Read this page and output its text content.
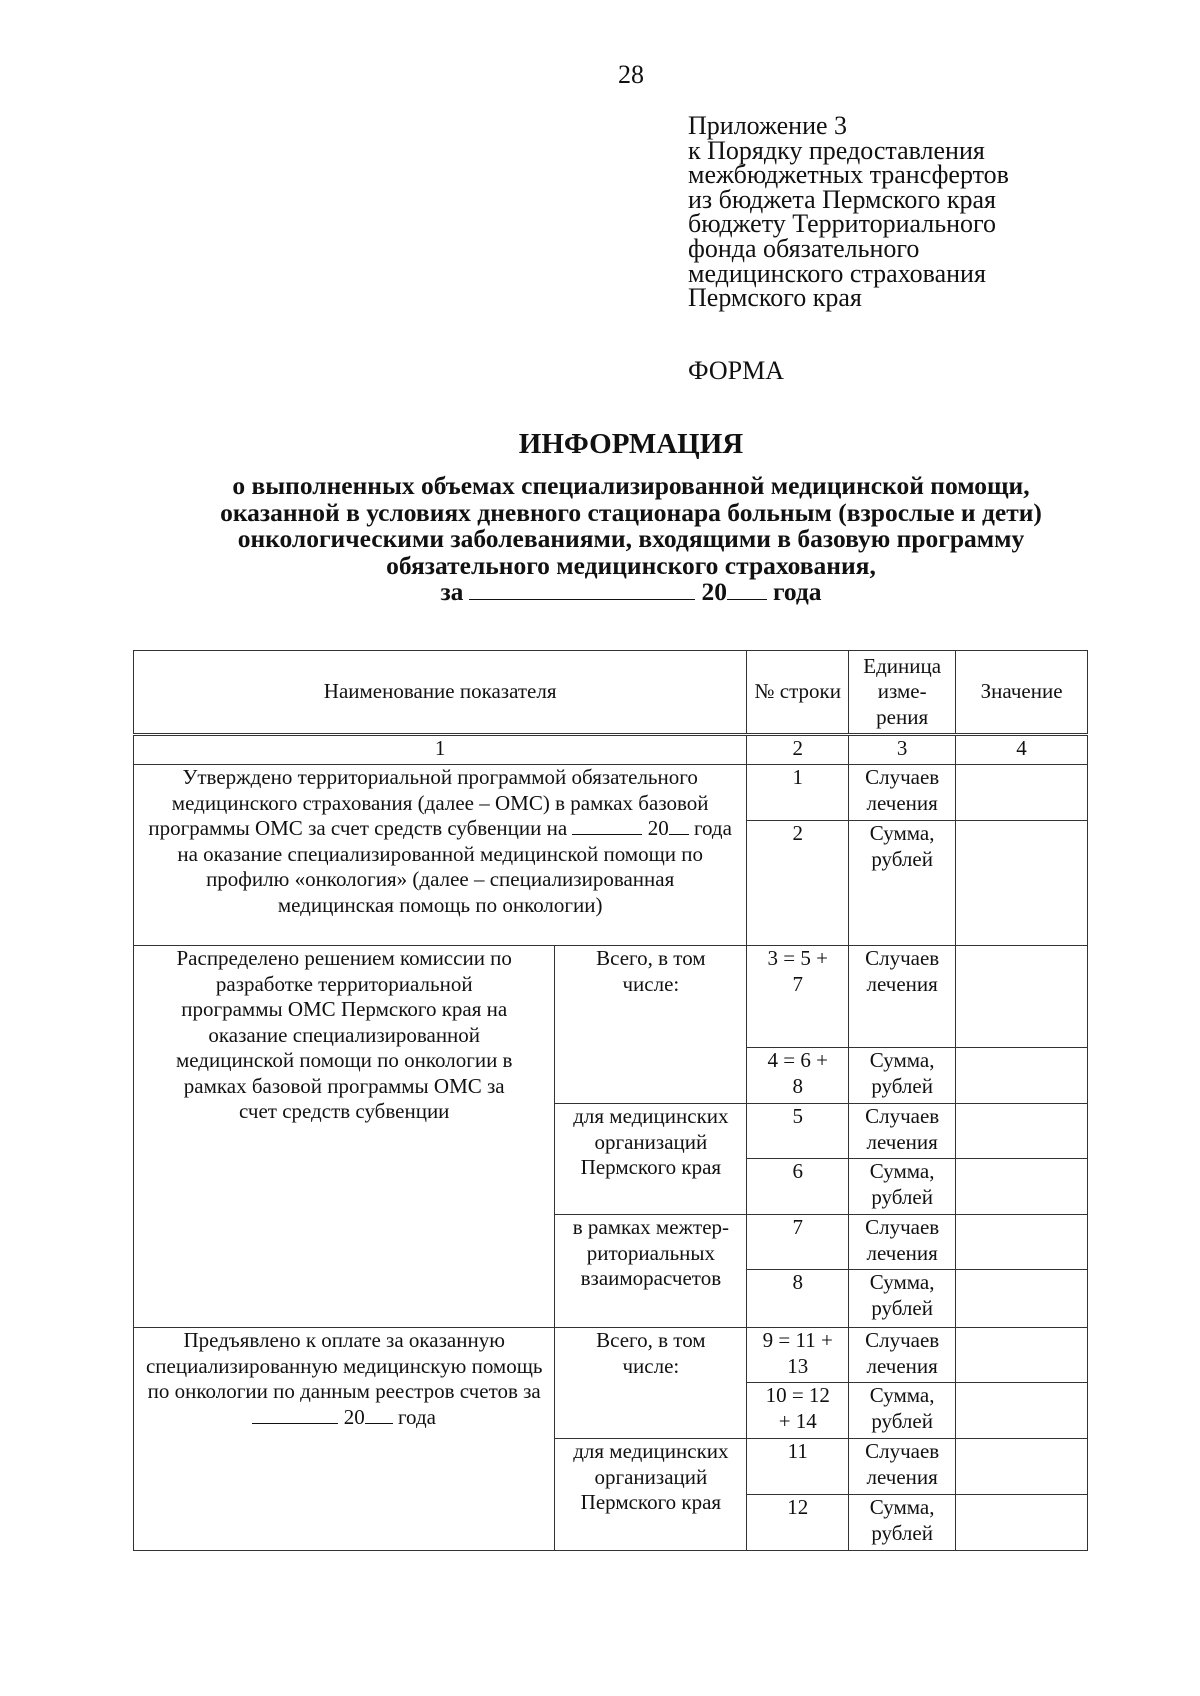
28
Приложение 3
к Порядку предоставления
межбюджетных трансфертов
из бюджета Пермского края
бюджету Территориального
фонда обязательного
медицинского страхования
Пермского края
ФОРМА
ИНФОРМАЦИЯ
о выполненных объемах специализированной медицинской помощи,
оказанной в условиях дневного стационара больным (взрослые и дети)
онкологическими заболеваниями, входящими в базовую программу
обязательного медицинского страхования,
за	20 года
Наименование показателя		№ строки	Единица изме- рения	Значение
1		2	3	4
Утверждено территориальной программой обязательного медицинского страхования (далее – ОМС) в рамках базовой программы ОМС за счет средств субвенции на 20 года на оказание специализированной медицинской помощи по профилю «онкология» (далее – специализированная медицинская помощь по онкологии)		1	Случаев лечения	
		2	Сумма, рублей	
Распределено решением комиссии по разработке территориальной программы ОМС Пермского края на оказание специализированной медицинской помощи по онкологии в рамках базовой программы ОМС за счет средств субвенции	Всего, в том числе:	3 = 5 + 7	Случаев лечения	
		4 = 6 + 8	Сумма, рублей	
	для медицинских организаций Пермского края	5	Случаев лечения	
		6	Сумма, рублей	
	в рамках межтер- риториальных взаиморасчетов	7	Случаев лечения	
		8	Сумма, рублей	
Предъявлено к оплате за оказанную специализированную медицинскую помощь по онкологии по данным реестров счетов за  20 года	Всего, в том числе:	9 = 11 + 13	Случаев лечения	
		10 = 12 + 14	Сумма, рублей	
	для медицинских организаций Пермского края	11	Случаев лечения	
		12	Сумма, рублей	
